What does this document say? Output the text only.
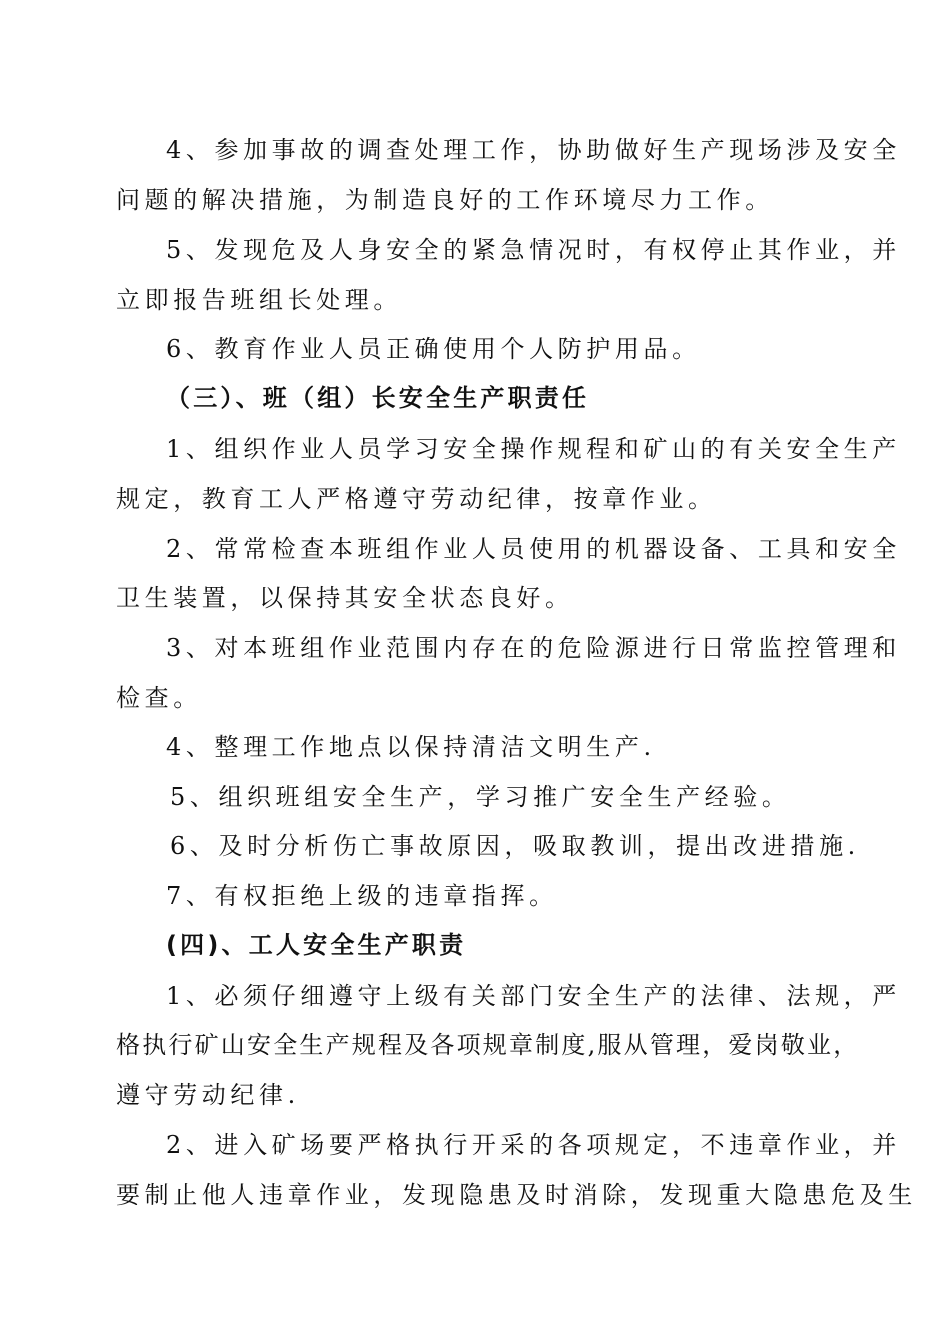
4、参加事故的调查处理工作，协助做好生产现场涉及安全
问题的解决措施，为制造良好的工作环境尽力工作。
5、发现危及人身安全的紧急情况时，有权停止其作业，并
立即报告班组长处理。
6、教育作业人员正确使用个人防护用品。
（三）、班（组）长安全生产职责任
1、组织作业人员学习安全操作规程和矿山的有关安全生产
规定，教育工人严格遵守劳动纪律，按章作业。
2、常常检查本班组作业人员使用的机器设备、工具和安全
卫生装置，以保持其安全状态良好。
3、对本班组作业范围内存在的危险源进行日常监控管理和
检查。
4、整理工作地点以保持清洁文明生产.
5、组织班组安全生产，学习推广安全生产经验。
6、及时分析伤亡事故原因，吸取教训，提出改进措施.
7、有权拒绝上级的违章指挥。
(四)、工人安全生产职责
1、必须仔细遵守上级有关部门安全生产的法律、法规，严
格执行矿山安全生产规程及各项规章制度,服从管理，爱岗敬业，
遵守劳动纪律.
2、进入矿场要严格执行开采的各项规定，不违章作业，并
要制止他人违章作业，发现隐患及时消除，发现重大隐患危及生
